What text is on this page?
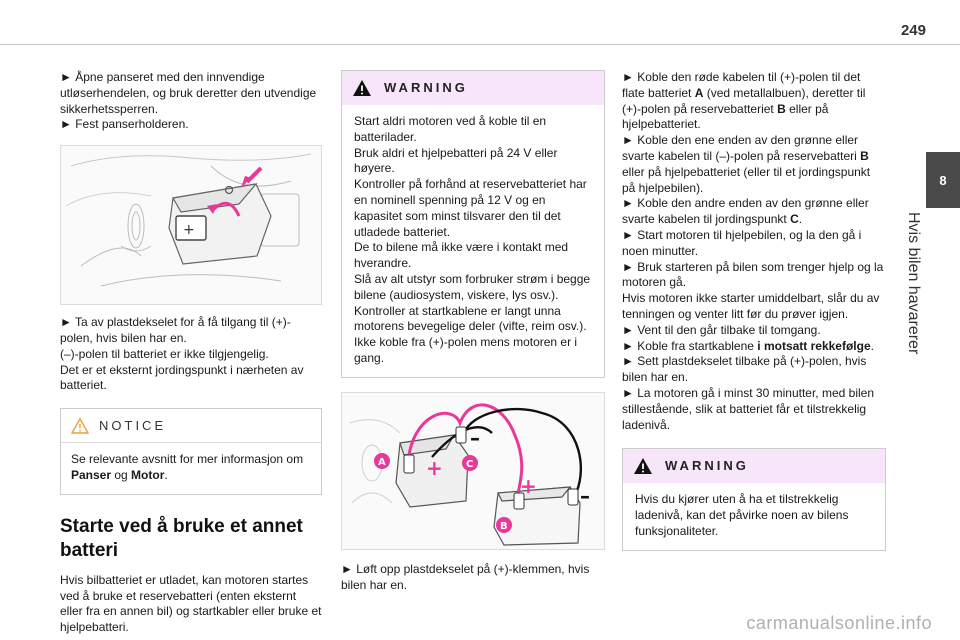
249
8
Hvis bilen havarerer

► Åpne panseret med den innvendige utløserhendelen, og bruk deretter den utvendige sikkerhetssperren.

► Fest panserholderen.

+

► Ta av plastdekselet for å få tilgang til (+)-polen, hvis bilen har en.

(–)-polen til batteriet er ikke tilgjengelig.

Det er et eksternt jordingspunkt i nærheten av batteriet.

NOTICE
Se relevante avsnitt for mer informasjon om Panser og Motor.
Starte ved å bruke et annet batteri

Hvis bilbatteriet er utladet, kan motoren startes ved å bruke et reservebatteri (enten eksternt eller fra en annen bil) og startkabler eller bruke et hjelpebatteri.

WARNING

Start aldri motoren ved å koble til en batterilader.

Bruk aldri et hjelpebatteri på 24 V eller høyere.

Kontroller på forhånd at reservebatteriet har en nominell spenning på 12 V og en kapasitet som minst tilsvarer den til det utladede batteriet.

De to bilene må ikke være i kontakt med hverandre.

Slå av alt utstyr som forbruker strøm i begge bilene (audiosystem, viskere, lys osv.).

Kontroller at startkablene er langt unna motorens bevegelige deler (vifte, reim osv.).

Ikke koble fra (+)-polen mens motoren er i gang.

+
–
+ –
A	C
B

► Løft opp plastdekselet på (+)-klemmen, hvis bilen har en.

► Koble den røde kabelen til (+)-polen til det flate batteriet A (ved metallalbuen), deretter til (+)-polen på reservebatteriet B eller på hjelpebatteriet.

► Koble den ene enden av den grønne eller svarte kabelen til (–)-polen på reservebatteri B eller på hjelpebatteriet (eller til et jordingspunkt på hjelpebilen).

► Koble den andre enden av den grønne eller svarte kabelen til jordingspunkt C.

► Start motoren til hjelpebilen, og la den gå i noen minutter.

► Bruk starteren på bilen som trenger hjelp og la motoren gå.

Hvis motoren ikke starter umiddelbart, slår du av tenningen og venter litt før du prøver igjen.

► Vent til den går tilbake til tomgang.

► Koble fra startkablene i motsatt rekkefølge.

► Sett plastdekselet tilbake på (+)-polen, hvis bilen har en.

► La motoren gå i minst 30 minutter, med bilen stillestående, slik at batteriet får et tilstrekkelig ladenivå.

WARNING

Hvis du kjører uten å ha et tilstrekkelig ladenivå, kan det påvirke noen av bilens funksjonaliteter.

carmanualsonline.info
